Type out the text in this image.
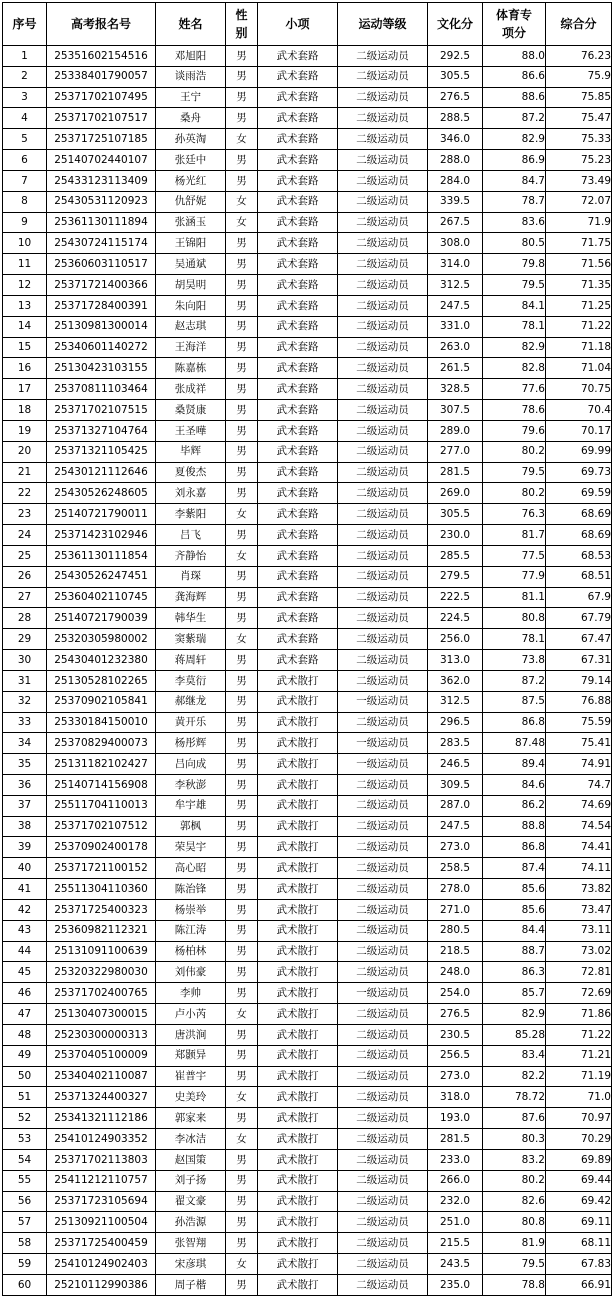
序号	高考报名号	姓名	性别	小项	运动等级	文化分	体育专项分	综合分
1	25351602154516	邓旭阳	男	武术套路	二级运动员	292.5	88.0	76.23
2	25338401790057	谈雨浩	男	武术套路	二级运动员	305.5	86.6	75.9
3	25371702107495	王宁	男	武术套路	二级运动员	276.5	88.6	75.85
4	25371702107517	桑舟	男	武术套路	二级运动员	288.5	87.2	75.47
5	25371725107185	孙英淘	女	武术套路	二级运动员	346.0	82.9	75.33
6	25140702440107	张廷中	男	武术套路	二级运动员	288.0	86.9	75.23
7	25433123113409	杨光红	男	武术套路	二级运动员	284.0	84.7	73.49
8	25430531120923	仇舒妮	女	武术套路	二级运动员	339.5	78.7	72.07
9	25361130111894	张涵玉	女	武术套路	二级运动员	267.5	83.6	71.9
10	25430724115174	王锦阳	男	武术套路	二级运动员	308.0	80.5	71.75
11	25360603110517	吴通斌	男	武术套路	二级运动员	314.0	79.8	71.56
12	25371721400366	胡昊明	男	武术套路	二级运动员	312.5	79.5	71.35
13	25371728400391	朱向阳	男	武术套路	二级运动员	247.5	84.1	71.25
14	25130981300014	赵志琪	男	武术套路	二级运动员	331.0	78.1	71.22
15	25340601140272	王海洋	男	武术套路	二级运动员	263.0	82.9	71.18
16	25130423103155	陈嘉栋	男	武术套路	二级运动员	261.5	82.8	71.04
17	25370811103464	张成祥	男	武术套路	二级运动员	328.5	77.6	70.75
18	25371702107515	桑贤康	男	武术套路	二级运动员	307.5	78.6	70.4
19	25371327104764	王圣嘩	男	武术套路	二级运动员	289.0	79.6	70.17
20	25371321105425	毕辉	男	武术套路	二级运动员	277.0	80.2	69.99
21	25430121112646	夏俊杰	男	武术套路	二级运动员	281.5	79.5	69.73
22	25430526248605	刘永嘉	男	武术套路	二级运动员	269.0	80.2	69.59
23	25140721790011	李紫阳	女	武术套路	二级运动员	305.5	76.3	68.69
24	25371423102946	吕飞	男	武术套路	二级运动员	230.0	81.7	68.69
25	25361130111854	齐静怡	女	武术套路	二级运动员	285.5	77.5	68.53
26	25430526247451	肖琛	男	武术套路	二级运动员	279.5	77.9	68.51
27	25360402110745	龚海辉	男	武术套路	二级运动员	222.5	81.1	67.9
28	25140721790039	韩华生	男	武术套路	二级运动员	224.5	80.8	67.79
29	25320305980002	窦紫瑞	女	武术套路	二级运动员	256.0	78.1	67.47
30	25430401232380	蒋周轩	男	武术套路	二级运动员	313.0	73.8	67.31
31	25130528102265	李莫衍	男	武术散打	二级运动员	362.0	87.2	79.14
32	25370902105841	郝继龙	男	武术散打	一级运动员	312.5	87.5	76.88
33	25330184150010	黄开乐	男	武术散打	二级运动员	296.5	86.8	75.59
34	25370829400073	杨彤辉	男	武术散打	一级运动员	283.5	87.48	75.41
35	25131182102427	吕向成	男	武术散打	一级运动员	246.5	89.4	74.91
36	25140714156908	李秋澎	男	武术散打	二级运动员	309.5	84.6	74.7
37	25511704110013	牟宇雄	男	武术散打	二级运动员	287.0	86.2	74.69
38	25371702107512	郭枫	男	武术散打	二级运动员	247.5	88.8	74.54
39	25370902400178	荣昊宇	男	武术散打	二级运动员	273.0	86.8	74.41
40	25371721100152	高心昭	男	武术散打	二级运动员	258.5	87.4	74.11
41	25511304110360	陈治锋	男	武术散打	二级运动员	278.0	85.6	73.82
42	25371725400323	杨崇举	男	武术散打	二级运动员	271.0	85.6	73.47
43	25360982112321	陈江涛	男	武术散打	二级运动员	280.5	84.4	73.11
44	25131091100639	杨柏林	男	武术散打	二级运动员	218.5	88.7	73.02
45	25320322980030	刘伟豪	男	武术散打	二级运动员	248.0	86.3	72.81
46	25371702400765	李帅	男	武术散打	一级运动员	254.0	85.7	72.69
47	25130407300015	卢小芮	女	武术散打	二级运动员	276.5	82.9	71.86
48	25230300000313	唐洪涧	男	武术散打	二级运动员	230.5	85.28	71.22
49	25370405100009	郑颢异	男	武术散打	二级运动员	256.5	83.4	71.21
50	25340402110087	崔普宇	男	武术散打	二级运动员	273.0	82.2	71.19
51	25371324400327	史美玲	女	武术散打	二级运动员	318.0	78.72	71.0
52	25341321112186	郭家来	男	武术散打	二级运动员	193.0	87.6	70.97
53	25410124903352	李冰洁	女	武术散打	二级运动员	281.5	80.3	70.29
54	25371702113803	赵国策	男	武术散打	二级运动员	233.0	83.2	69.89
55	25411212110757	刘子扬	男	武术散打	二级运动员	266.0	80.2	69.44
56	25371723105694	翟文豪	男	武术散打	二级运动员	232.0	82.6	69.42
57	25130921100504	孙浩源	男	武术散打	二级运动员	251.0	80.8	69.11
58	25371725400459	张智翔	男	武术散打	二级运动员	215.5	81.9	68.11
59	25410124902403	宋彦琪	女	武术散打	二级运动员	243.5	79.5	67.83
60	25210112990386	周子楷	男	武术散打	二级运动员	235.0	78.8	66.91
